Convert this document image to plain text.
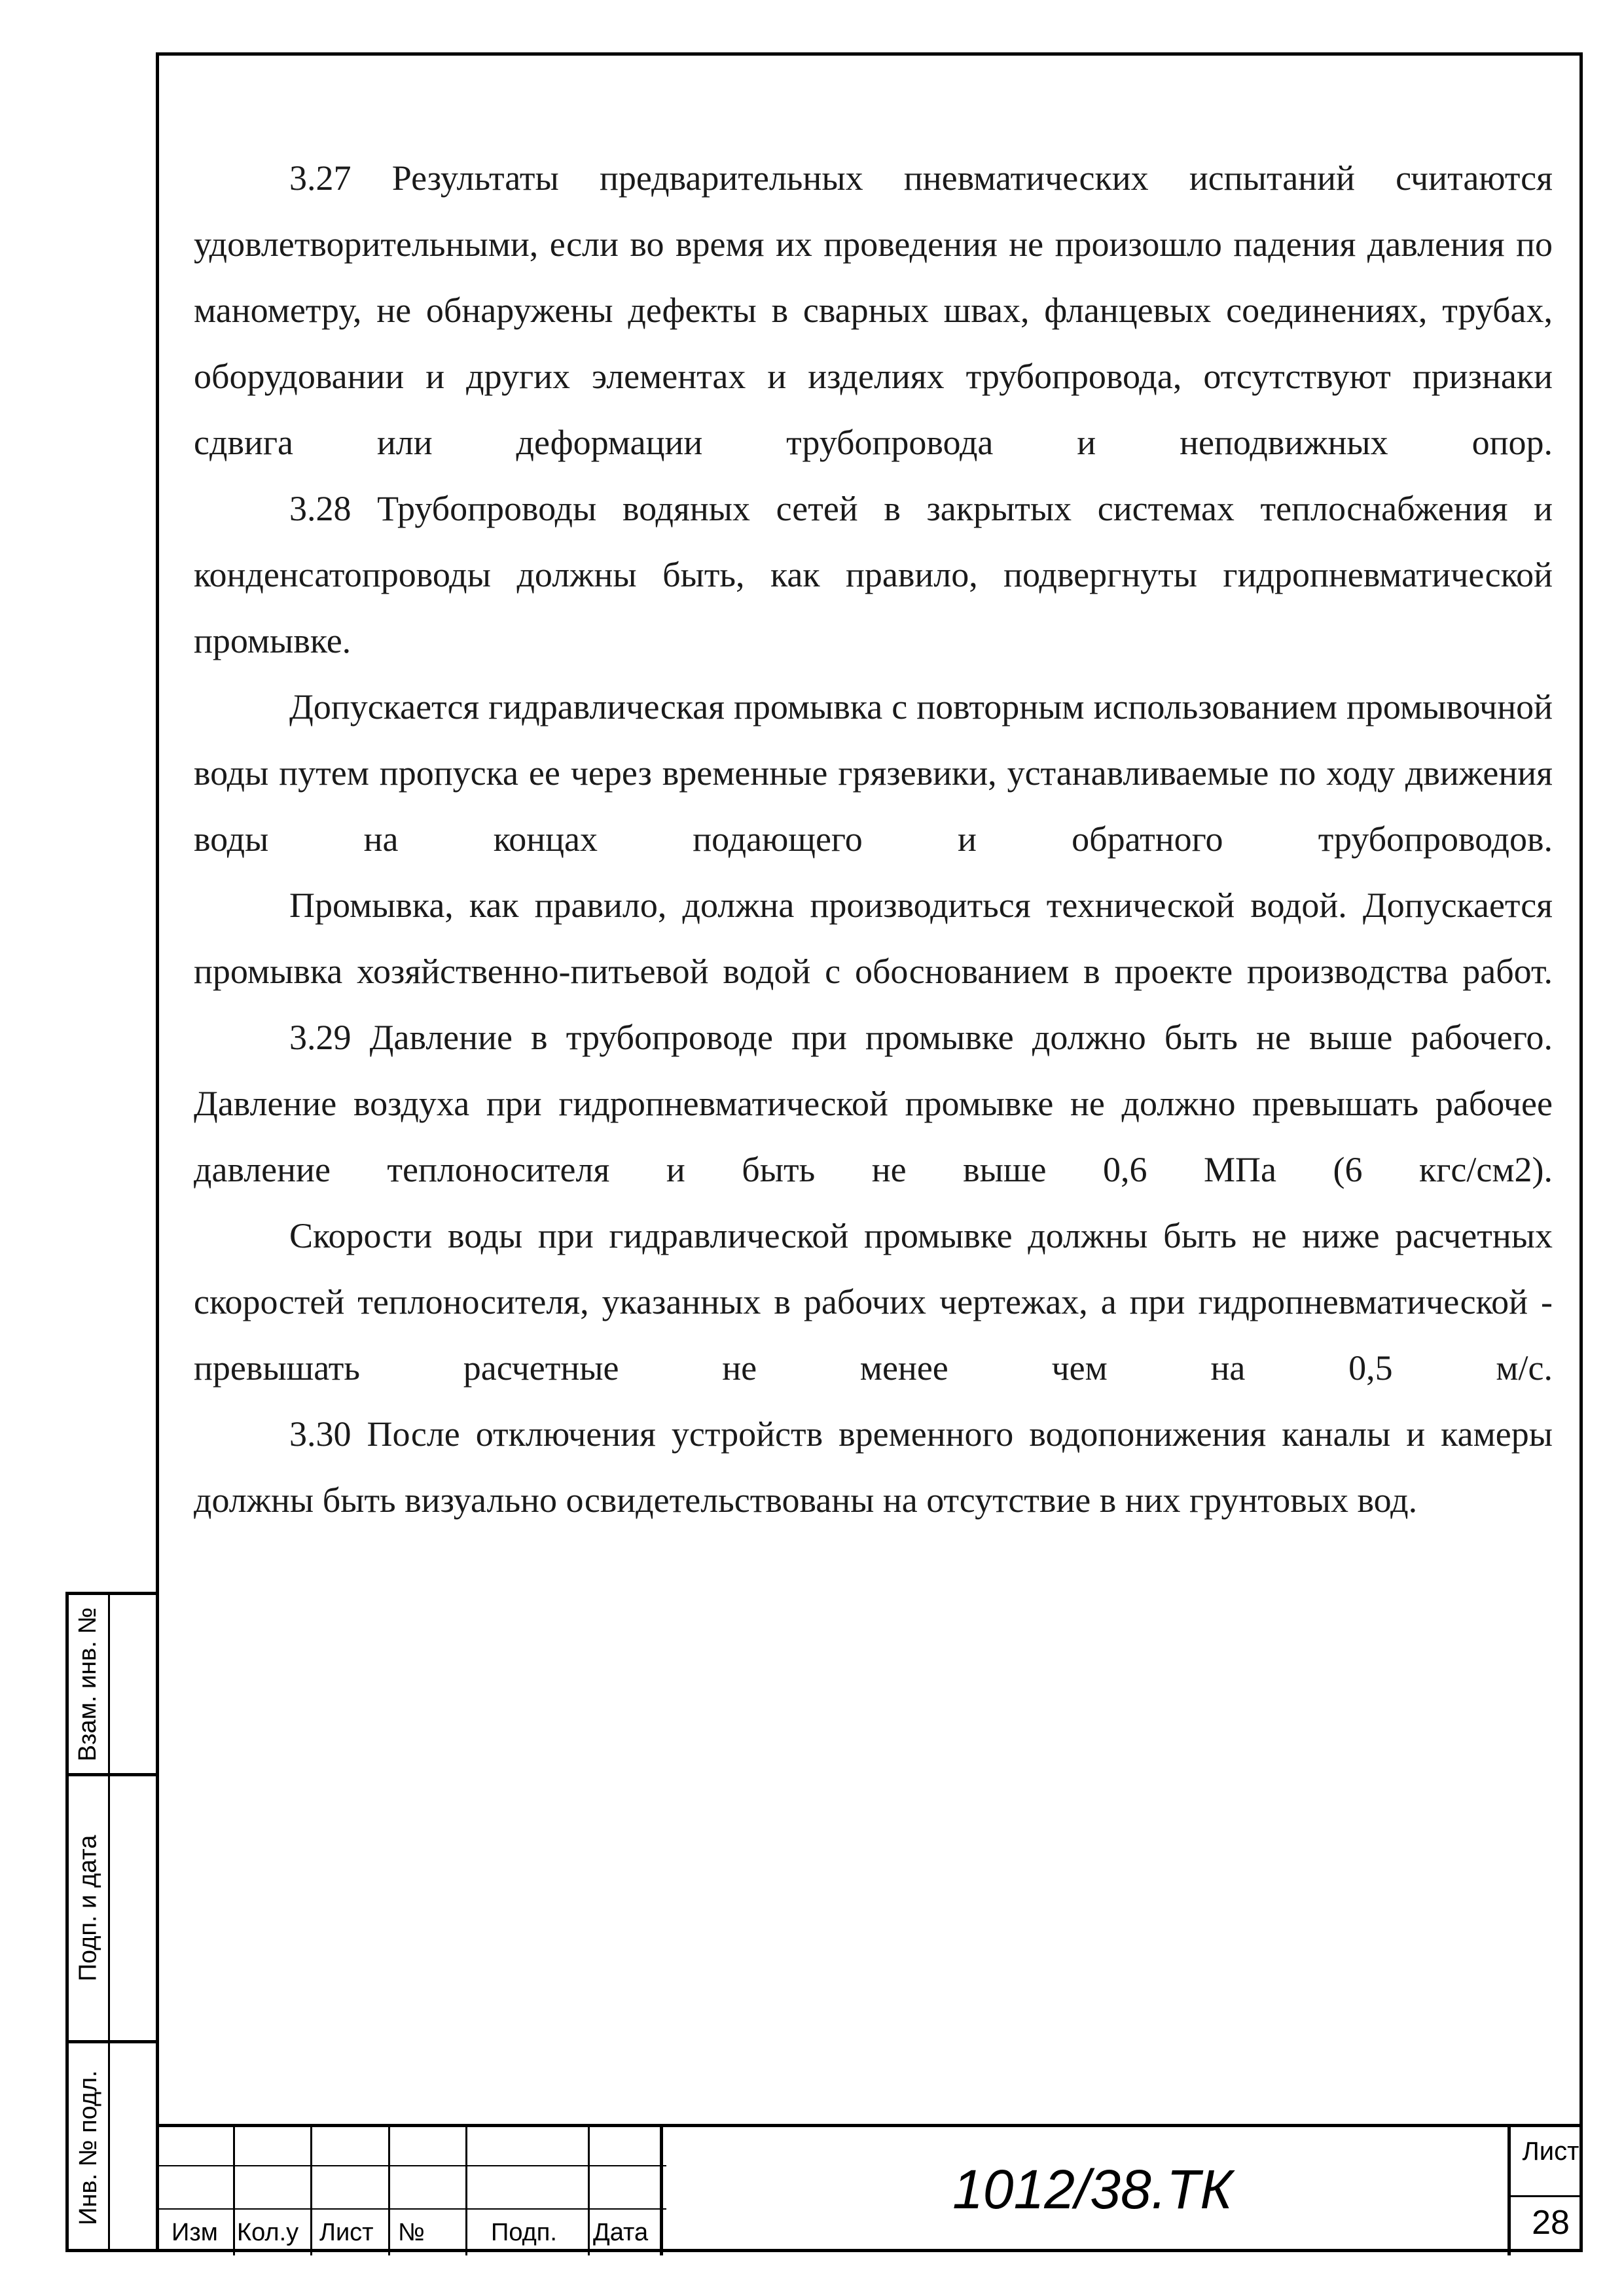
3.27 Результаты предварительных пневматических испытаний считаются удовлетворительными, если во время их проведения не произошло падения давления по манометру, не обнаружены дефекты в сварных швах, фланцевых соединениях, трубах, оборудовании и других элементах и изделиях трубопровода, отсутствуют признаки сдвига или деформации трубопровода и неподвижных опор.

3.28 Трубопроводы водяных сетей в закрытых системах теплоснабжения и конденсатопроводы должны быть, как правило, подвергнуты гидропневматической промывке.

Допускается гидравлическая промывка с повторным использованием промывочной воды путем пропуска ее через временные грязевики, устанавливаемые по ходу движения воды на концах подающего и обратного трубопроводов.

Промывка, как правило, должна производиться технической водой. Допускается промывка хозяйственно-питьевой водой с обоснованием в проекте производства работ.

3.29 Давление в трубопроводе при промывке должно быть не выше рабочего. Давление воздуха при гидропневматической промывке не должно превышать рабочее давление теплоносителя и быть не выше 0,6 МПа (6 кгс/см2).

Скорости воды при гидравлической промывке должны быть не ниже расчетных скоростей теплоносителя, указанных в рабочих чертежах, а при гидропневматической - превышать расчетные не менее чем на 0,5 м/с.

3.30 После отключения устройств временного водопонижения каналы и камеры должны быть визуально освидетельствованы на отсутствие в них грунтовых вод.

Взам. инв. №
Подп. и дата
Инв. № подл.
Изм Кол.у Лист №	Подп. Дата
1012/38.ТК
Лист
28
